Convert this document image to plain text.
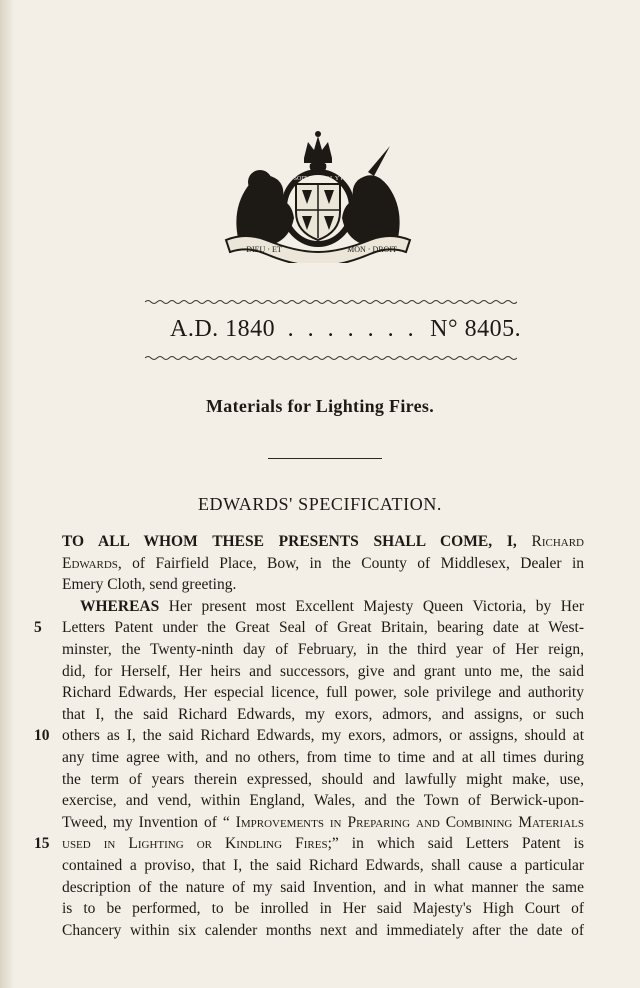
HONI SOIT QUI MAL Y PENSE
DIEU · ET	MON · DROIT
A.D. 1840 . . . . . . . N° 8405.
Materials for Lighting Fires.
EDWARDS' SPECIFICATION.
TO ALL WHOM THESE PRESENTS SHALL COME, I, Richard
Edwards, of Fairfield Place, Bow, in the County of Middlesex, Dealer in
Emery Cloth, send greeting.
WHEREAS Her present most Excellent Majesty Queen Victoria, by Her
5	Letters Patent under the Great Seal of Great Britain, bearing date at West-
minster, the Twenty-ninth day of February, in the third year of Her reign,
did, for Herself, Her heirs and successors, give and grant unto me, the said
Richard Edwards, Her especial licence, full power, sole privilege and authority
that I, the said Richard Edwards, my exors, admors, and assigns, or such
10 others as I, the said Richard Edwards, my exors, admors, or assigns, should at
any time agree with, and no others, from time to time and at all times during
the term of years therein expressed, should and lawfully might make, use,
exercise, and vend, within England, Wales, and the Town of Berwick-upon-
Tweed, my Invention of “ Improvements in Preparing and Combining Materials
15 used in Lighting or Kindling Fires;” in which said Letters Patent is
contained a proviso, that I, the said Richard Edwards, shall cause a particular
description of the nature of my said Invention, and in what manner the same
is to be performed, to be inrolled in Her said Majesty's High Court of
Chancery within six calender months next and immediately after the date of
